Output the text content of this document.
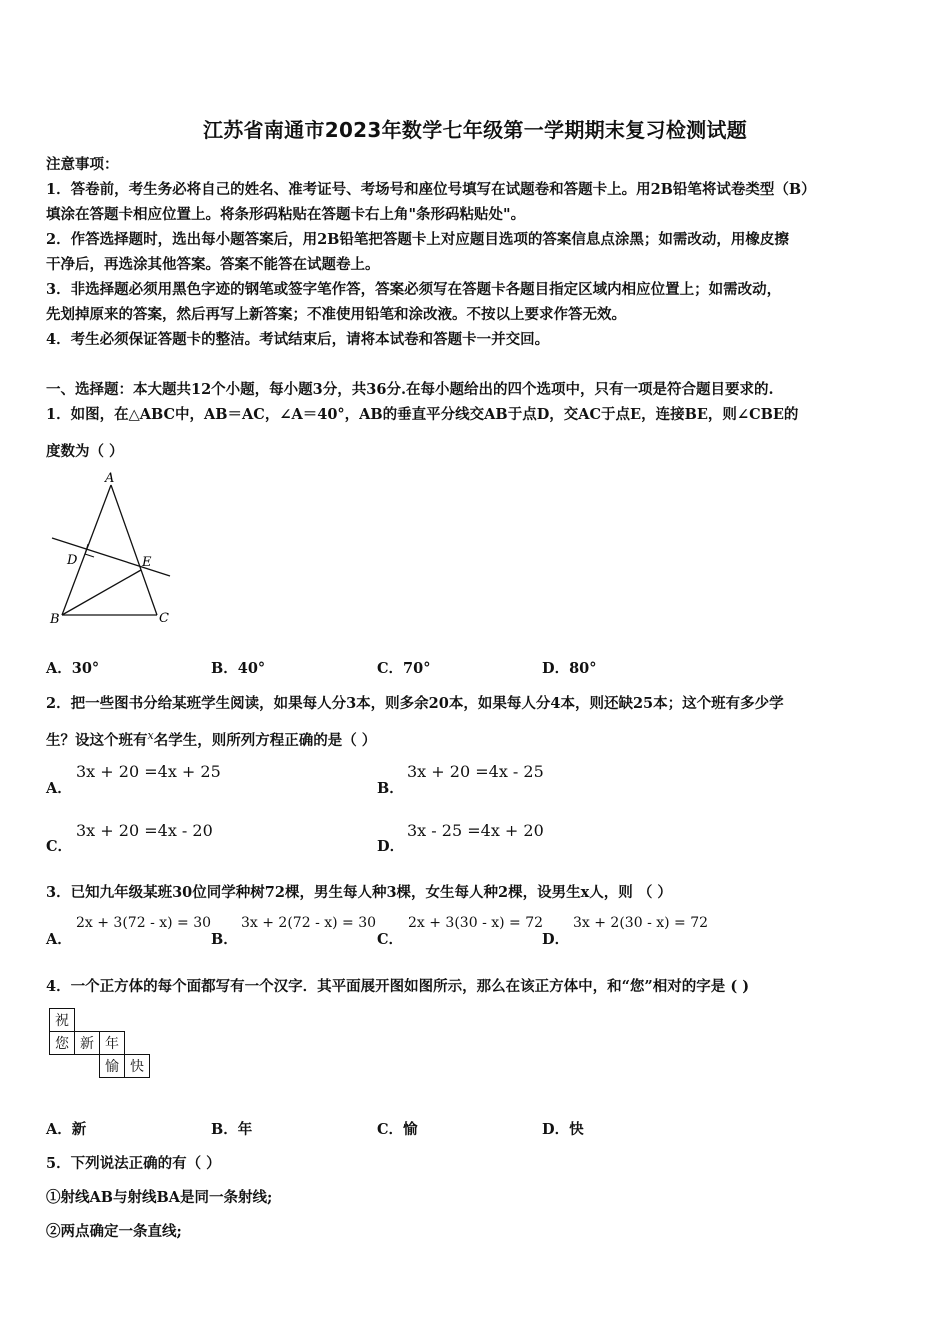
江苏省南通市2023年数学七年级第一学期期末复习检测试题
注意事项：
1．答卷前，考生务必将自己的姓名、准考证号、考场号和座位号填写在试题卷和答题卡上。用2B铅笔将试卷类型（B）
填涂在答题卡相应位置上。将条形码粘贴在答题卡右上角"条形码粘贴处"。
2．作答选择题时，选出每小题答案后，用2B铅笔把答题卡上对应题目选项的答案信息点涂黑；如需改动，用橡皮擦
干净后，再选涂其他答案。答案不能答在试题卷上。
3．非选择题必须用黑色字迹的钢笔或签字笔作答，答案必须写在答题卡各题目指定区域内相应位置上；如需改动，
先划掉原来的答案，然后再写上新答案；不准使用铅笔和涂改液。不按以上要求作答无效。
4．考生必须保证答题卡的整洁。考试结束后，请将本试卷和答题卡一并交回。
一、选择题：本大题共12个小题，每小题3分，共36分.在每小题给出的四个选项中，只有一项是符合题目要求的.
1．如图，在△ABC中，AB＝AC，∠A＝40°，AB的垂直平分线交AB于点D，交AC于点E，连接BE，则∠CBE的
度数为（ ）
A
D	E
B	C
A．30°	B．40°	C．70°	D．80°
2．把一些图书分给某班学生阅读，如果每人分3本，则多余20本，如果每人分4本，则还缺25本；这个班有多少学
生？设这个班有$^x$名学生，则所列方程正确的是（ ）
A．
3x + 20 =4x + 25
B．
3x + 20 =4x - 25
C．
3x + 20 =4x - 20
D．
3x - 25 =4x + 20
3．已知九年级某班30位同学种树72棵，男生每人种3棵，女生每人种2棵，设男生x人，则 （ ）
A．
2x + 3(72 - x) = 30
B．
3x + 2(72 - x) = 30
C．
2x + 3(30 - x) = 72
D．
3x + 2(30 - x) = 72
4．一个正方体的每个面都写有一个汉字．其平面展开图如图所示，那么在该正方体中，和“您”相对的字是 ( )
祝			
您	新	年	
		愉	快
A．新	B．年	C．愉	D．快
5．下列说法正确的有（ ）
①射线AB与射线BA是同一条射线;
②两点确定一条直线;
